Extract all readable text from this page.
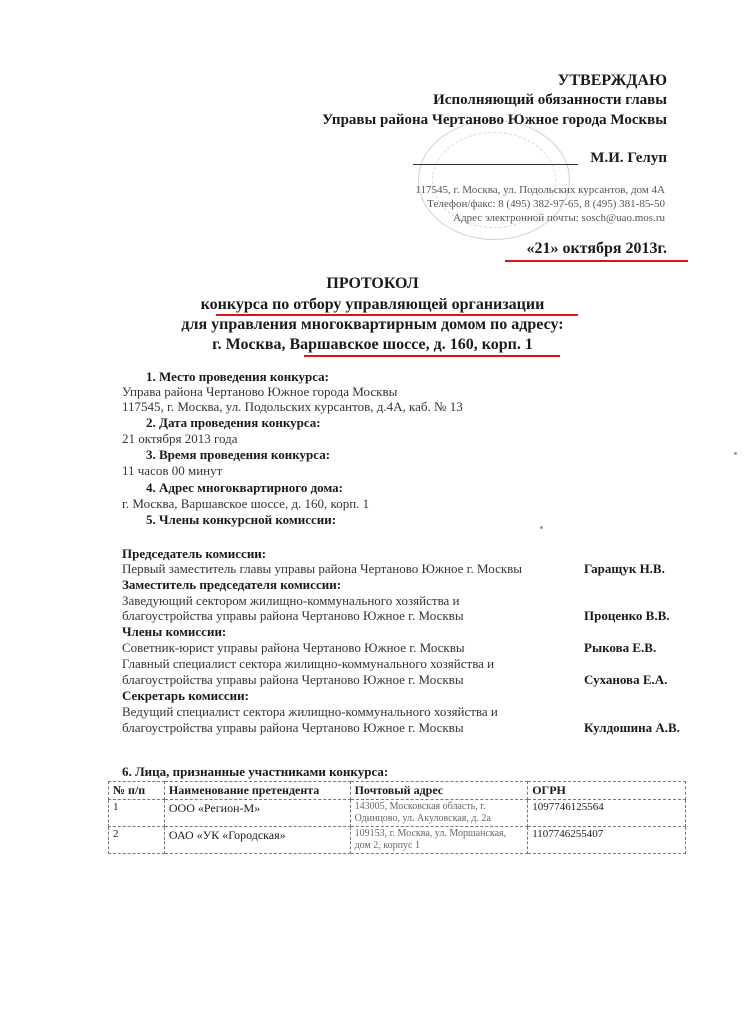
УТВЕРЖДАЮ
Исполняющий обязанности главы
Управы района Чертаново Южное города Москвы
М.И. Гелуп
117545, г. Москва, ул. Подольских курсантов, дом 4А
Телефон/факс: 8 (495) 382-97-65, 8 (495) 381-85-50
Адрес электронной почты: sosch@uao.mos.ru
«21» октября 2013г.
ПРОТОКОЛ
конкурса по отбору управляющей организации
для управления многоквартирным домом по адресу:
г. Москва, Варшавское шоссе, д. 160, корп. 1
1. Место проведения конкурса:
Управа района Чертаново Южное города Москвы
117545, г. Москва, ул. Подольских курсантов, д.4А, каб. № 13
2. Дата проведения конкурса:
21 октября 2013 года
3. Время проведения конкурса:
11 часов 00 минут
4. Адрес многоквартирного дома:
г. Москва, Варшавское шоссе, д. 160, корп. 1
5. Члены конкурсной комиссии:
Председатель комиссии:
Первый заместитель главы управы района Чертаново Южное г. Москвы	Гаращук Н.В.
Заместитель председателя комиссии:
Заведующий сектором жилищно-коммунального хозяйства и
благоустройства управы района Чертаново Южное г. Москвы	Проценко В.В.
Члены комиссии:
Советник-юрист управы района Чертаново Южное г. Москвы	Рыкова Е.В.
Главный специалист сектора жилищно-коммунального хозяйства и
благоустройства управы района Чертаново Южное г. Москвы	Суханова Е.А.
Секретарь комиссии:
Ведущий специалист сектора жилищно-коммунального хозяйства и
благоустройства управы района Чертаново Южное г. Москвы	Кулдошина А.В.
6. Лица, признанные участниками конкурса:
№ п/п	Наименование претендента	Почтовый адрес	ОГРН
1	ООО «Регион-М»	143005, Московская область, г. Одинцово, ул. Акуловская, д. 2а	1097746125564
2	ОАО «УК «Городская»	109153, г. Москва, ул. Моршанская, дом 2, корпус 1	1107746255407
